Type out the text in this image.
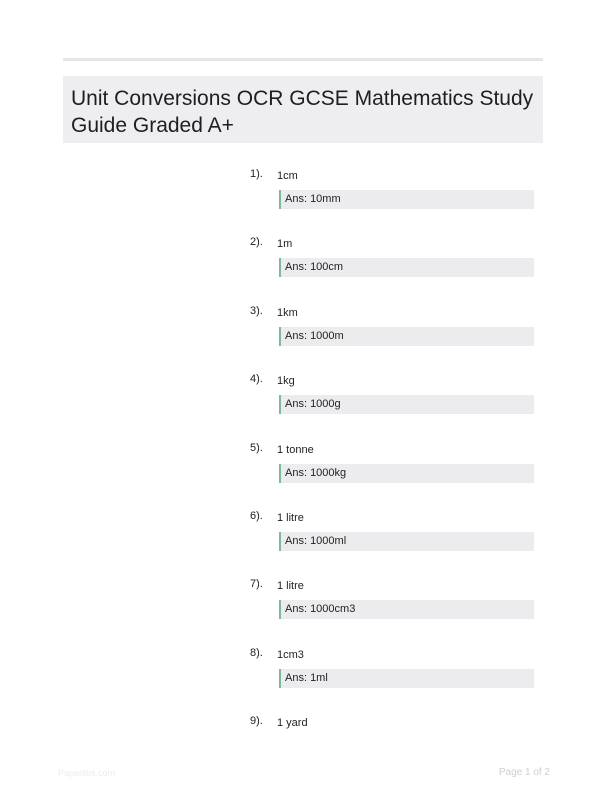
Unit Conversions OCR GCSE Mathematics Study Guide Graded A+
1). 1cm
Ans: 10mm
2). 1m
Ans: 100cm
3). 1km
Ans: 1000m
4). 1kg
Ans: 1000g
5). 1 tonne
Ans: 1000kg
6). 1 litre
Ans: 1000ml
7). 1 litre
Ans: 1000cm3
8). 1cm3
Ans: 1ml
9). 1 yard
Paperlibs.com	Page 1 of 2
